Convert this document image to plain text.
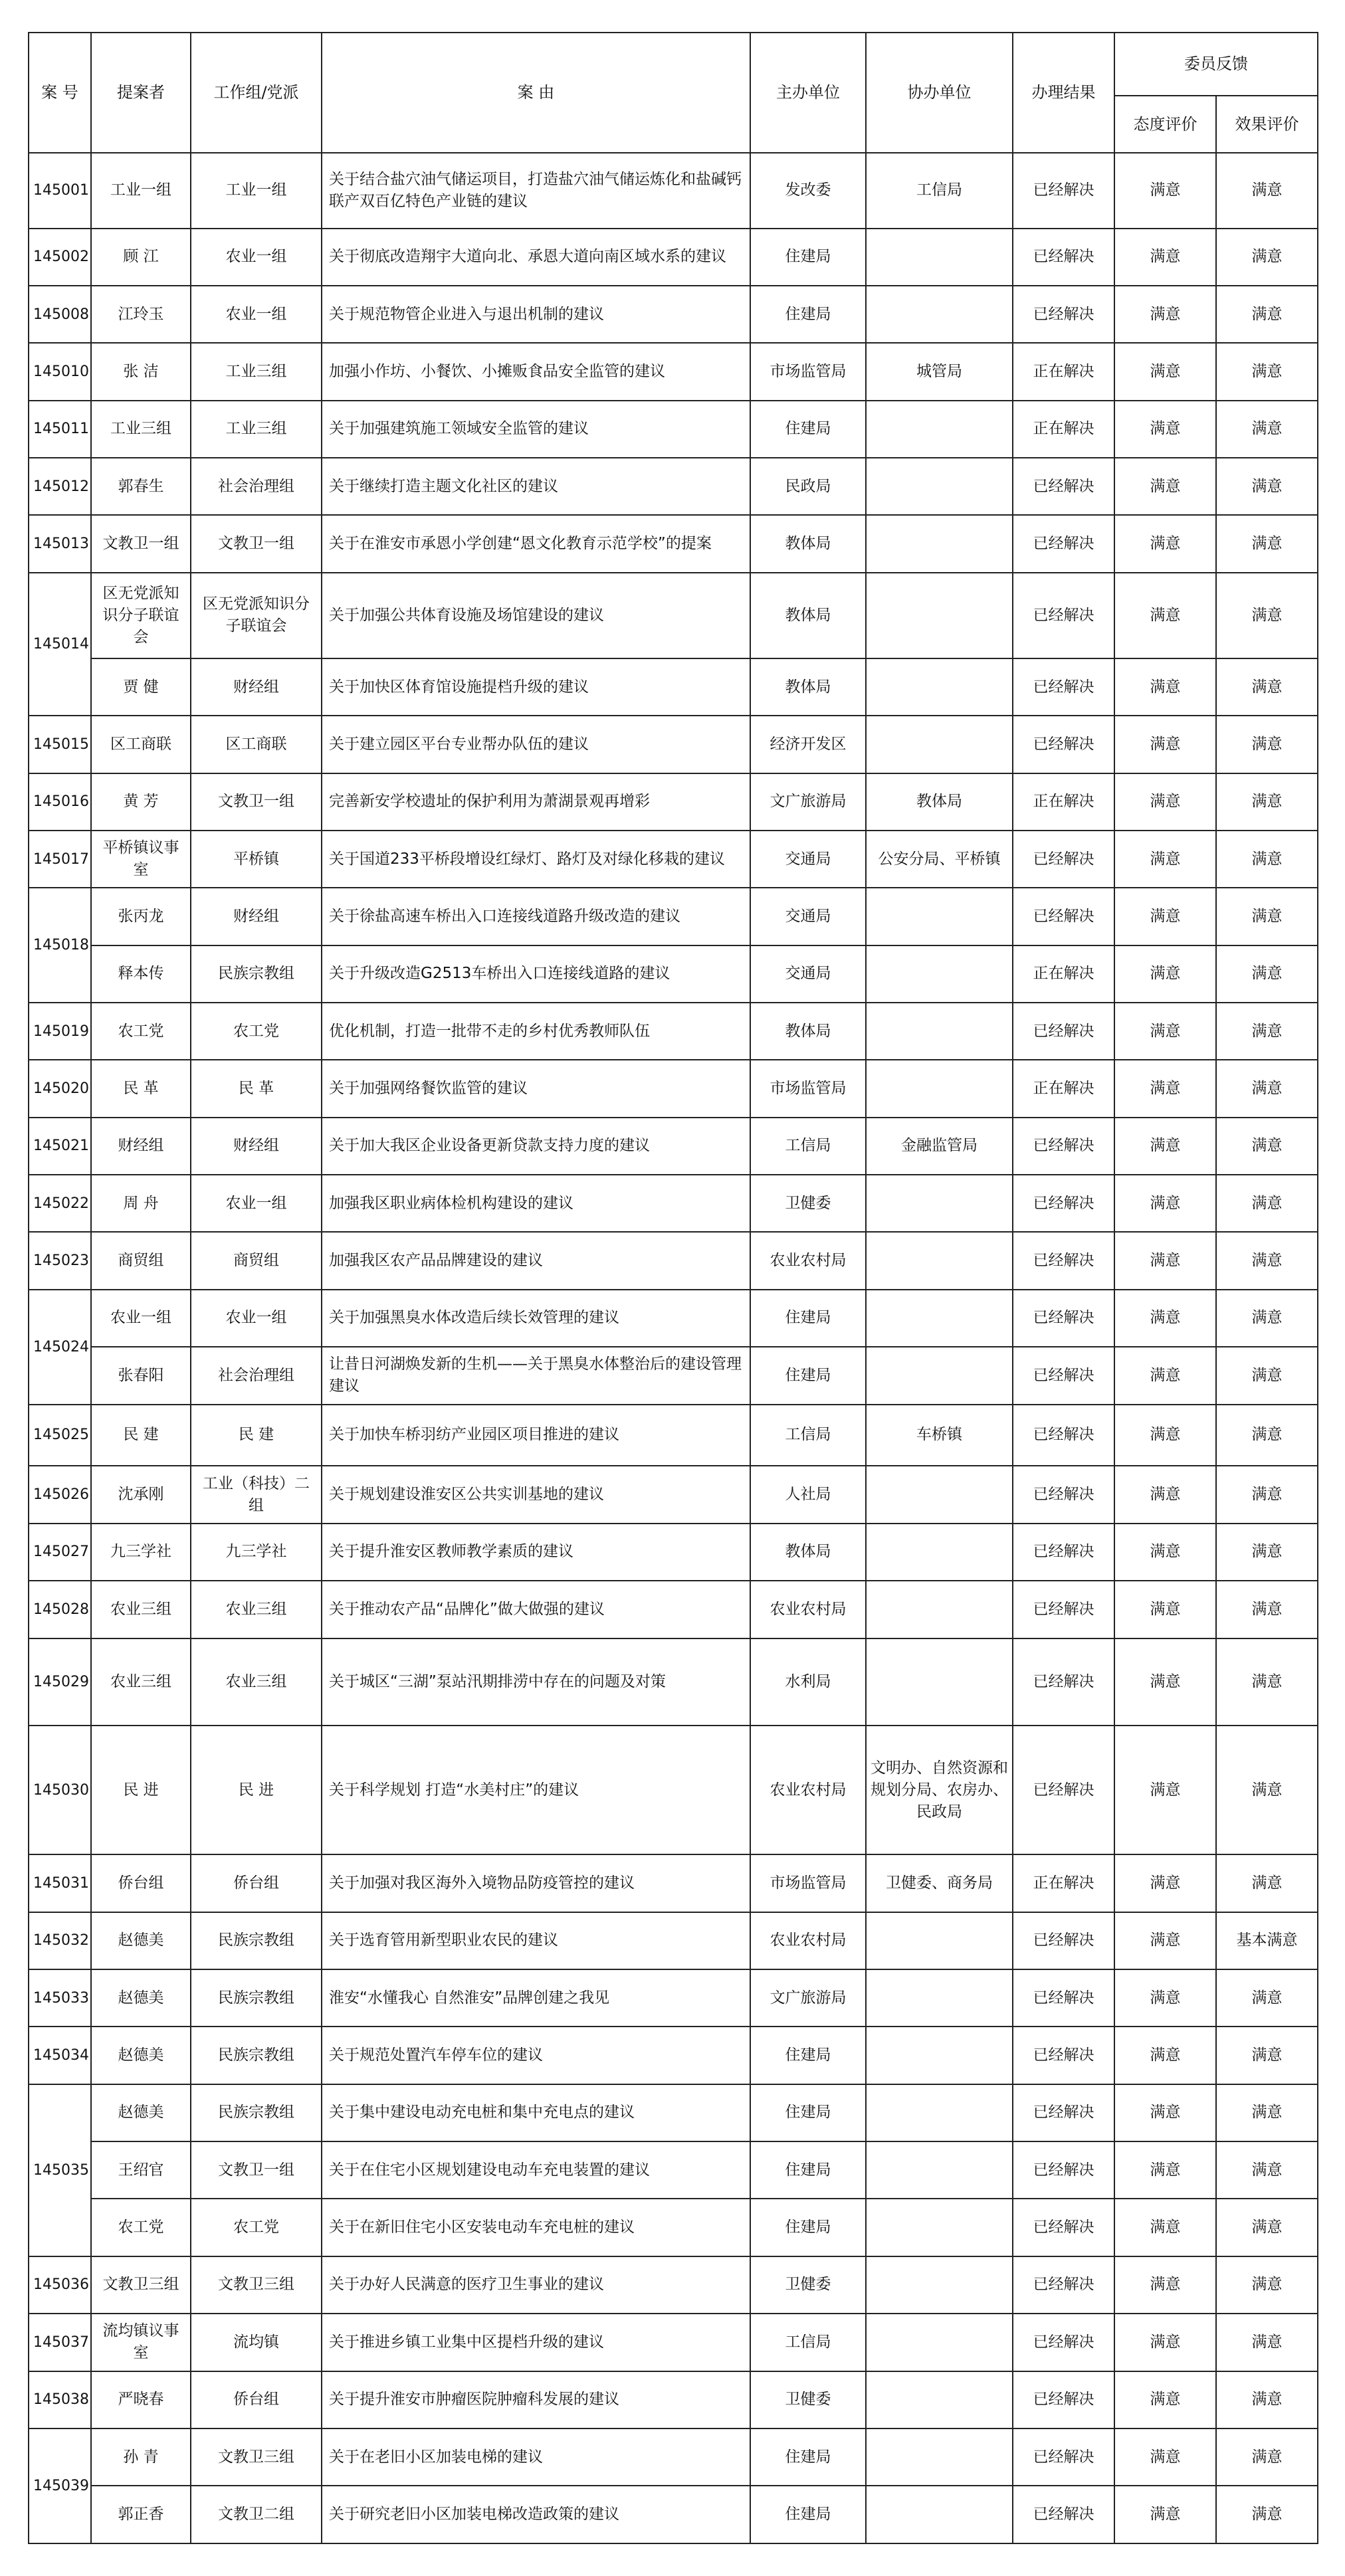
案 号	提案者	工作组/党派	案 由	主办单位	协办单位	办理结果	委员反馈	
							态度评价	效果评价
145001	工业一组	工业一组	关于结合盐穴油气储运项目，打造盐穴油气储运炼化和盐碱钙联产双百亿特色产业链的建议	发改委	工信局	已经解决	满意	满意
145002	顾 江	农业一组	关于彻底改造翔宇大道向北、承恩大道向南区域水系的建议	住建局		已经解决	满意	满意
145008	江玲玉	农业一组	关于规范物管企业进入与退出机制的建议	住建局		已经解决	满意	满意
145010	张 洁	工业三组	加强小作坊、小餐饮、小摊贩食品安全监管的建议	市场监管局	城管局	正在解决	满意	满意
145011	工业三组	工业三组	关于加强建筑施工领域安全监管的建议	住建局		正在解决	满意	满意
145012	郭春生	社会治理组	关于继续打造主题文化社区的建议	民政局		已经解决	满意	满意
145013	文教卫一组	文教卫一组	关于在淮安市承恩小学创建“恩文化教育示范学校”的提案	教体局		已经解决	满意	满意
145014	区无党派知识分子联谊会	区无党派知识分子联谊会	关于加强公共体育设施及场馆建设的建议	教体局		已经解决	满意	满意
	贾 健	财经组	关于加快区体育馆设施提档升级的建议	教体局		已经解决	满意	满意
145015	区工商联	区工商联	关于建立园区平台专业帮办队伍的建议	经济开发区		已经解决	满意	满意
145016	黄 芳	文教卫一组	完善新安学校遗址的保护利用为萧湖景观再增彩	文广旅游局	教体局	正在解决	满意	满意
145017	平桥镇议事室	平桥镇	关于国道233平桥段增设红绿灯、路灯及对绿化移栽的建议	交通局	公安分局、平桥镇	已经解决	满意	满意
145018	张丙龙	财经组	关于徐盐高速车桥出入口连接线道路升级改造的建议	交通局		已经解决	满意	满意
	释本传	民族宗教组	关于升级改造G2513车桥出入口连接线道路的建议	交通局		正在解决	满意	满意
145019	农工党	农工党	优化机制，打造一批带不走的乡村优秀教师队伍	教体局		已经解决	满意	满意
145020	民 革	民 革	关于加强网络餐饮监管的建议	市场监管局		正在解决	满意	满意
145021	财经组	财经组	关于加大我区企业设备更新贷款支持力度的建议	工信局	金融监管局	已经解决	满意	满意
145022	周 舟	农业一组	加强我区职业病体检机构建设的建议	卫健委		已经解决	满意	满意
145023	商贸组	商贸组	加强我区农产品品牌建设的建议	农业农村局		已经解决	满意	满意
145024	农业一组	农业一组	关于加强黑臭水体改造后续长效管理的建议	住建局		已经解决	满意	满意
	张春阳	社会治理组	让昔日河湖焕发新的生机——关于黑臭水体整治后的建设管理建议	住建局		已经解决	满意	满意
145025	民 建	民 建	关于加快车桥羽纺产业园区项目推进的建议	工信局	车桥镇	已经解决	满意	满意
145026	沈承刚	工业（科技）二组	关于规划建设淮安区公共实训基地的建议	人社局		已经解决	满意	满意
145027	九三学社	九三学社	关于提升淮安区教师教学素质的建议	教体局		已经解决	满意	满意
145028	农业三组	农业三组	关于推动农产品“品牌化”做大做强的建议	农业农村局		已经解决	满意	满意
145029	农业三组	农业三组	关于城区“三湖”泵站汛期排涝中存在的问题及对策	水利局		已经解决	满意	满意
145030	民 进	民 进	关于科学规划 打造“水美村庄”的建议	农业农村局	文明办、自然资源和规划分局、农房办、民政局	已经解决	满意	满意
145031	侨台组	侨台组	关于加强对我区海外入境物品防疫管控的建议	市场监管局	卫健委、商务局	正在解决	满意	满意
145032	赵德美	民族宗教组	关于选育管用新型职业农民的建议	农业农村局		已经解决	满意	基本满意
145033	赵德美	民族宗教组	淮安“水懂我心 自然淮安”品牌创建之我见	文广旅游局		已经解决	满意	满意
145034	赵德美	民族宗教组	关于规范处置汽车停车位的建议	住建局		已经解决	满意	满意
145035	赵德美	民族宗教组	关于集中建设电动充电桩和集中充电点的建议	住建局		已经解决	满意	满意
	王绍官	文教卫一组	关于在住宅小区规划建设电动车充电装置的建议	住建局		已经解决	满意	满意
	农工党	农工党	关于在新旧住宅小区安装电动车充电桩的建议	住建局		已经解决	满意	满意
145036	文教卫三组	文教卫三组	关于办好人民满意的医疗卫生事业的建议	卫健委		已经解决	满意	满意
145037	流均镇议事室	流均镇	关于推进乡镇工业集中区提档升级的建议	工信局		已经解决	满意	满意
145038	严晓春	侨台组	关于提升淮安市肿瘤医院肿瘤科发展的建议	卫健委		已经解决	满意	满意
145039	孙 青	文教卫三组	关于在老旧小区加装电梯的建议	住建局		已经解决	满意	满意
	郭正香	文教卫二组	关于研究老旧小区加装电梯改造政策的建议	住建局		已经解决	满意	满意
